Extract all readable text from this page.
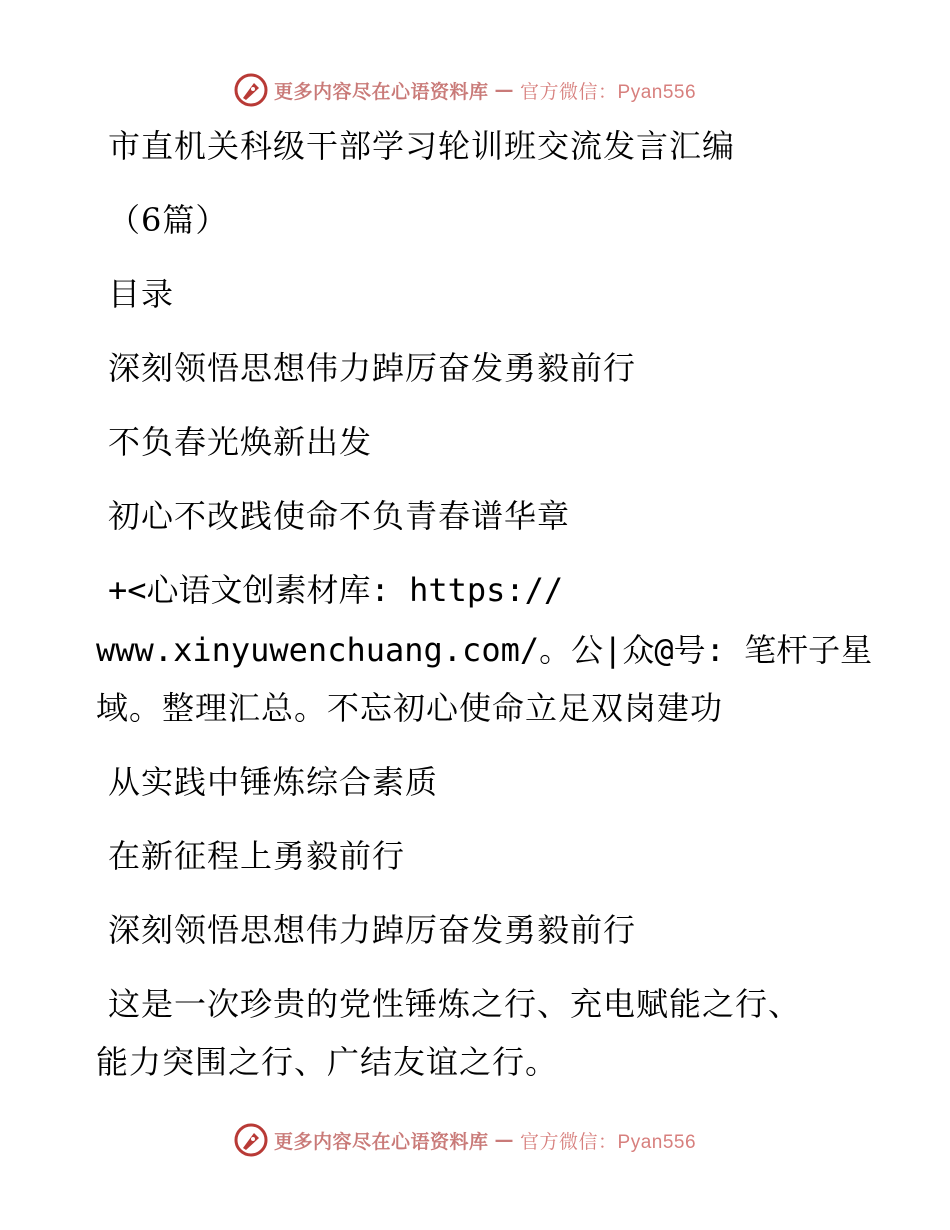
更多内容尽在心语资料库 — 官方微信：Pyan556
市直机关科级干部学习轮训班交流发言汇编
（6篇）
目录
深刻领悟思想伟力踔厉奋发勇毅前行
不负春光焕新出发
初心不改践使命不负青春谱华章
+<心语文创素材库: https://
www.xinyuwenchuang.com/。公|众@号: 笔杆子星
域。整理汇总。不忘初心使命立足双岗建功
从实践中锤炼综合素质
在新征程上勇毅前行
深刻领悟思想伟力踔厉奋发勇毅前行
这是一次珍贵的党性锤炼之行、充电赋能之行、
能力突围之行、广结友谊之行。
更多内容尽在心语资料库 — 官方微信：Pyan556
